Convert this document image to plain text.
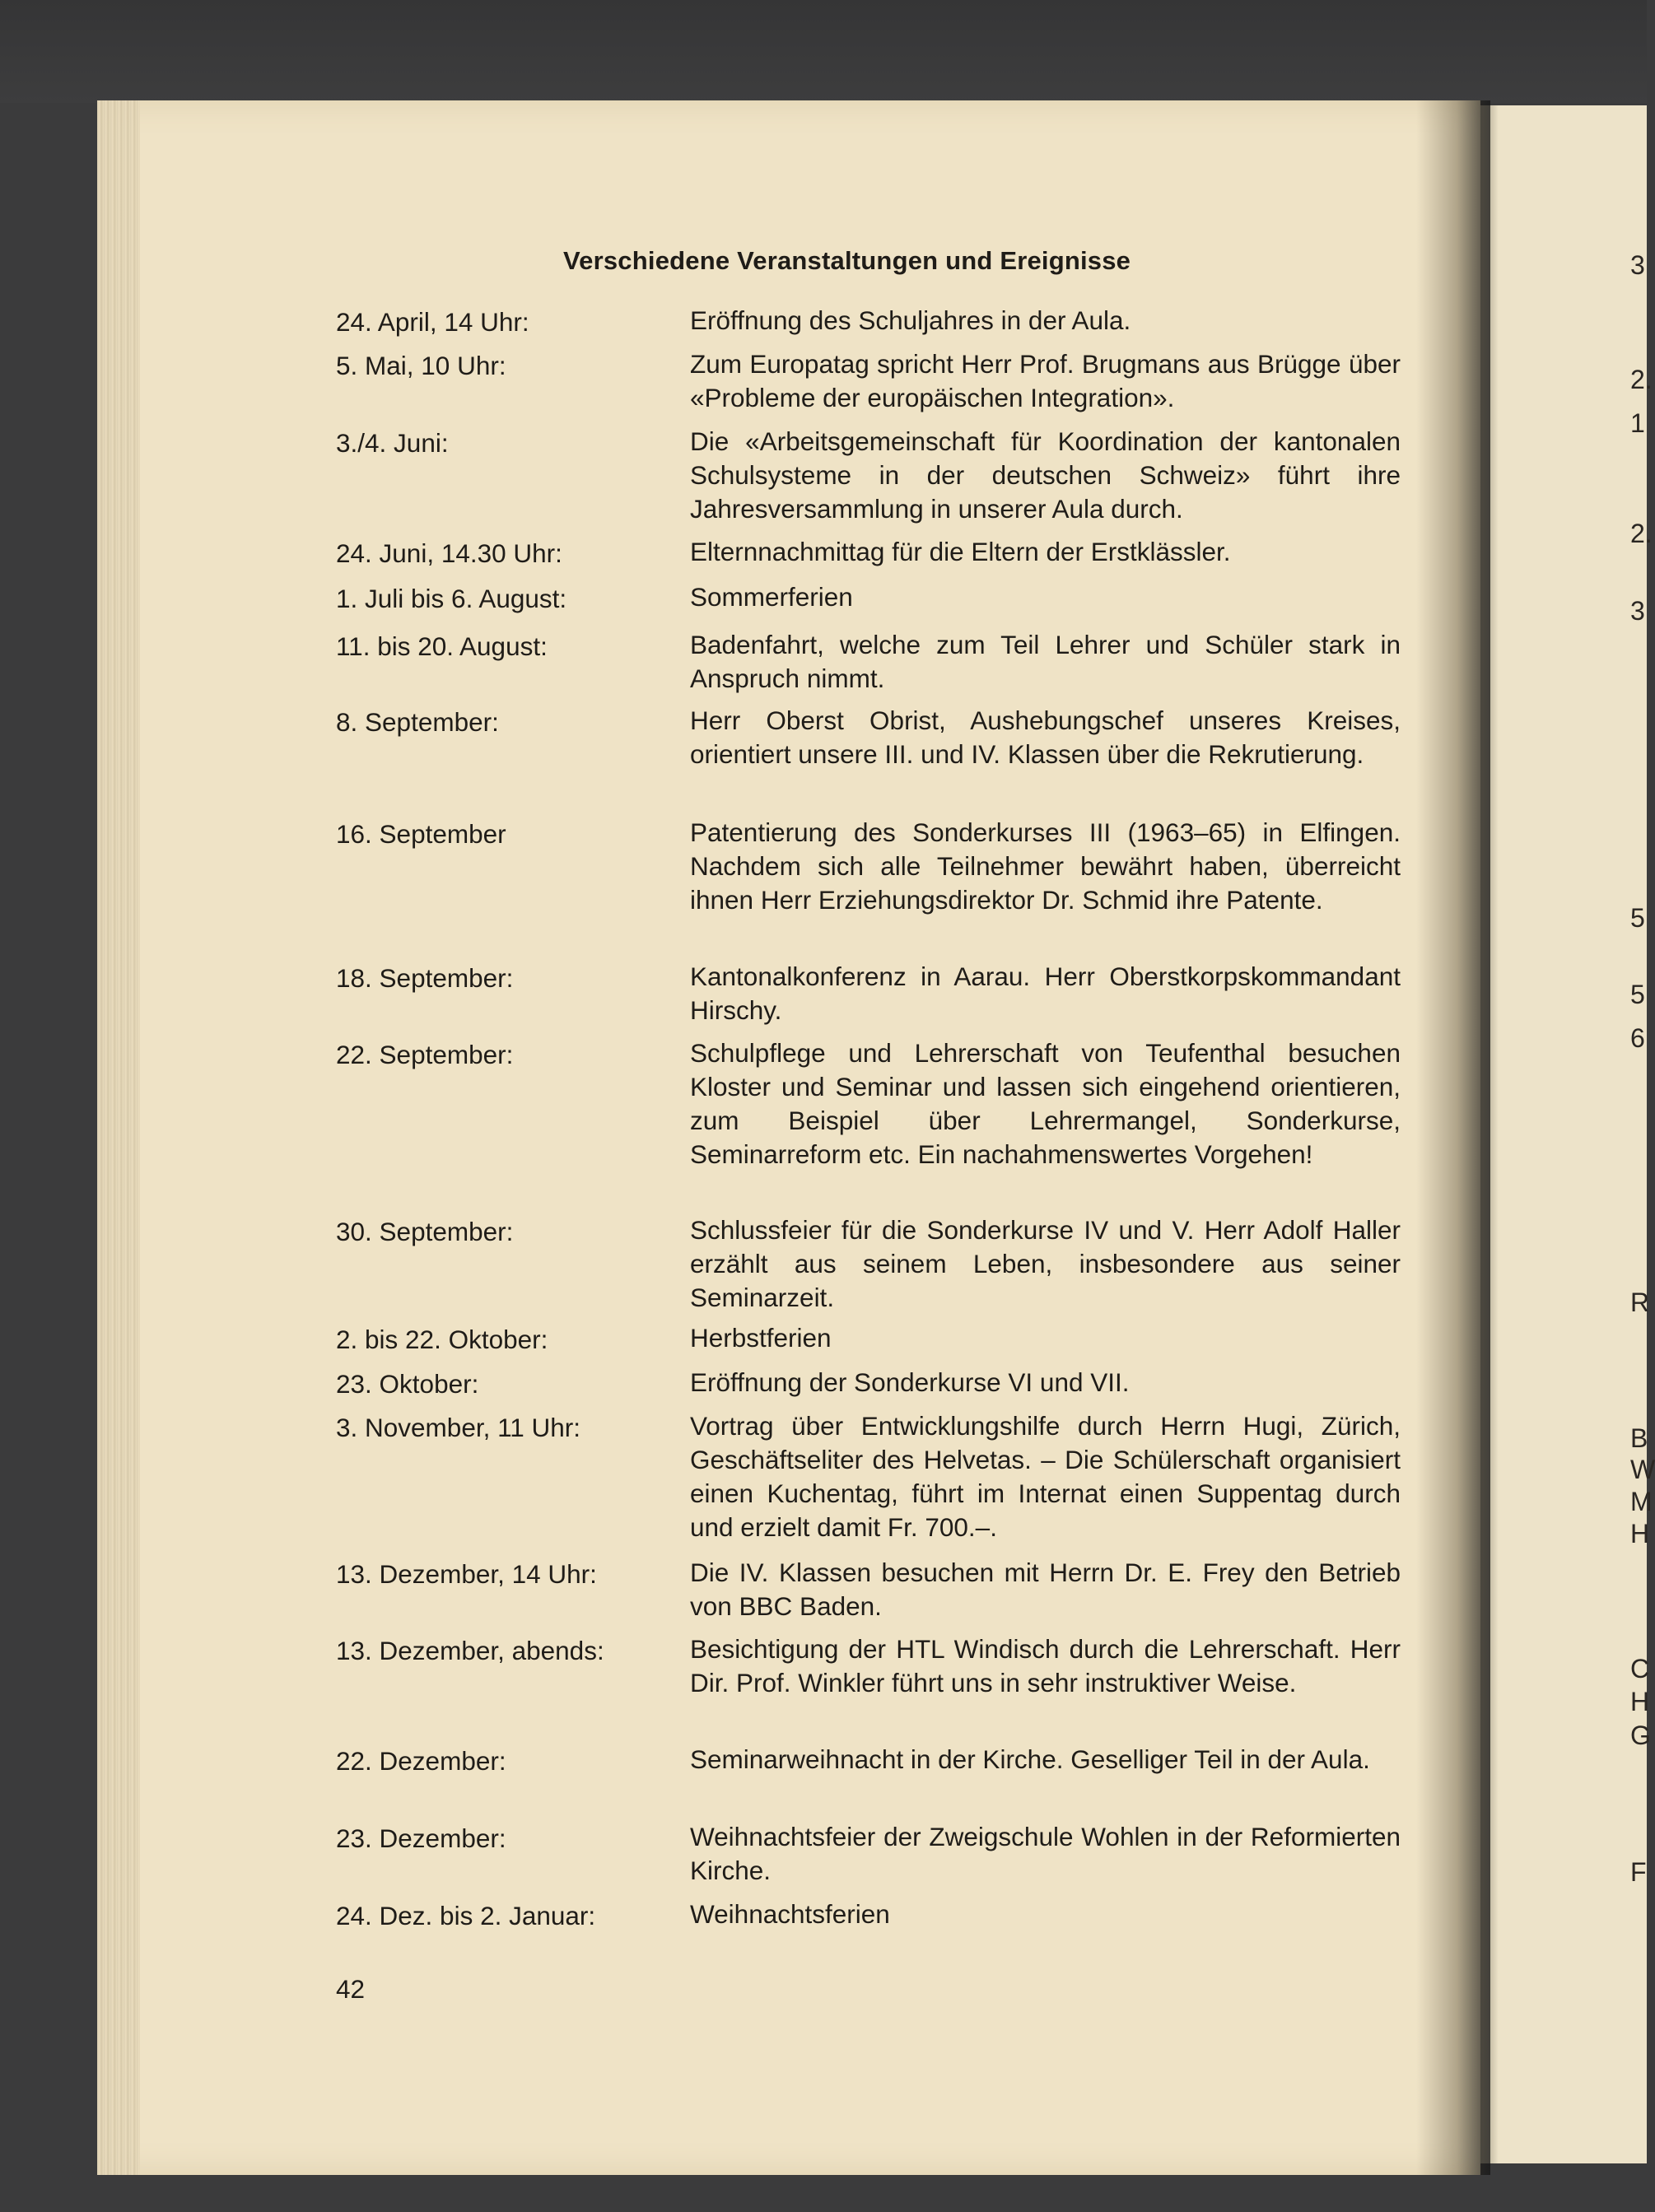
3
2.
1
2.
3
5
5
6
R
B
W
M
H
C
H
G
F
Verschiedene Veranstaltungen und Ereignisse
24. April, 14 Uhr:	Eröffnung des Schuljahres in der Aula.
5. Mai, 10 Uhr:	Zum Europatag spricht Herr Prof. Brugmans aus Brügge über «Probleme der europäischen Integration».
3./4. Juni:	Die «Arbeitsgemeinschaft für Koordination der kantonalen Schulsysteme in der deutschen Schweiz» führt ihre Jahresversammlung in unserer Aula durch.
24. Juni, 14.30 Uhr:	Elternnachmittag für die Eltern der Erstklässler.
1. Juli bis 6. August:	Sommerferien
11. bis 20. August:	Badenfahrt, welche zum Teil Lehrer und Schüler stark in Anspruch nimmt.
8. September:	Herr Oberst Obrist, Aushebungschef unseres Kreises, orientiert unsere III. und IV. Klassen über die Rekrutierung.
16. September	Patentierung des Sonderkurses III (1963–65) in Elfingen. Nachdem sich alle Teilnehmer bewährt haben, überreicht ihnen Herr Erziehungsdirektor Dr. Schmid ihre Patente.
18. September:	Kantonalkonferenz in Aarau. Herr Oberstkorpskommandant Hirschy.
22. September:	Schulpflege und Lehrerschaft von Teufenthal besuchen Kloster und Seminar und lassen sich eingehend orientieren, zum Beispiel über Lehrermangel, Sonderkurse, Seminarreform etc. Ein nachahmenswertes Vorgehen!
30. September:	Schlussfeier für die Sonderkurse IV und V. Herr Adolf Haller erzählt aus seinem Leben, insbesondere aus seiner Seminarzeit.
2. bis 22. Oktober:	Herbstferien
23. Oktober:	Eröffnung der Sonderkurse VI und VII.
3. November, 11 Uhr:	Vortrag über Entwicklungshilfe durch Herrn Hugi, Zürich, Geschäftseliter des Helvetas. – Die Schülerschaft organisiert einen Kuchentag, führt im Internat einen Suppentag durch und erzielt damit Fr. 700.–.
13. Dezember, 14 Uhr:	Die IV. Klassen besuchen mit Herrn Dr. E. Frey den Betrieb von BBC Baden.
13. Dezember, abends:	Besichtigung der HTL Windisch durch die Lehrerschaft. Herr Dir. Prof. Winkler führt uns in sehr instruktiver Weise.
22. Dezember:	Seminarweihnacht in der Kirche. Geselliger Teil in der Aula.
23. Dezember:	Weihnachtsfeier der Zweigschule Wohlen in der Reformierten Kirche.
24. Dez. bis 2. Januar:	Weihnachtsferien
42
